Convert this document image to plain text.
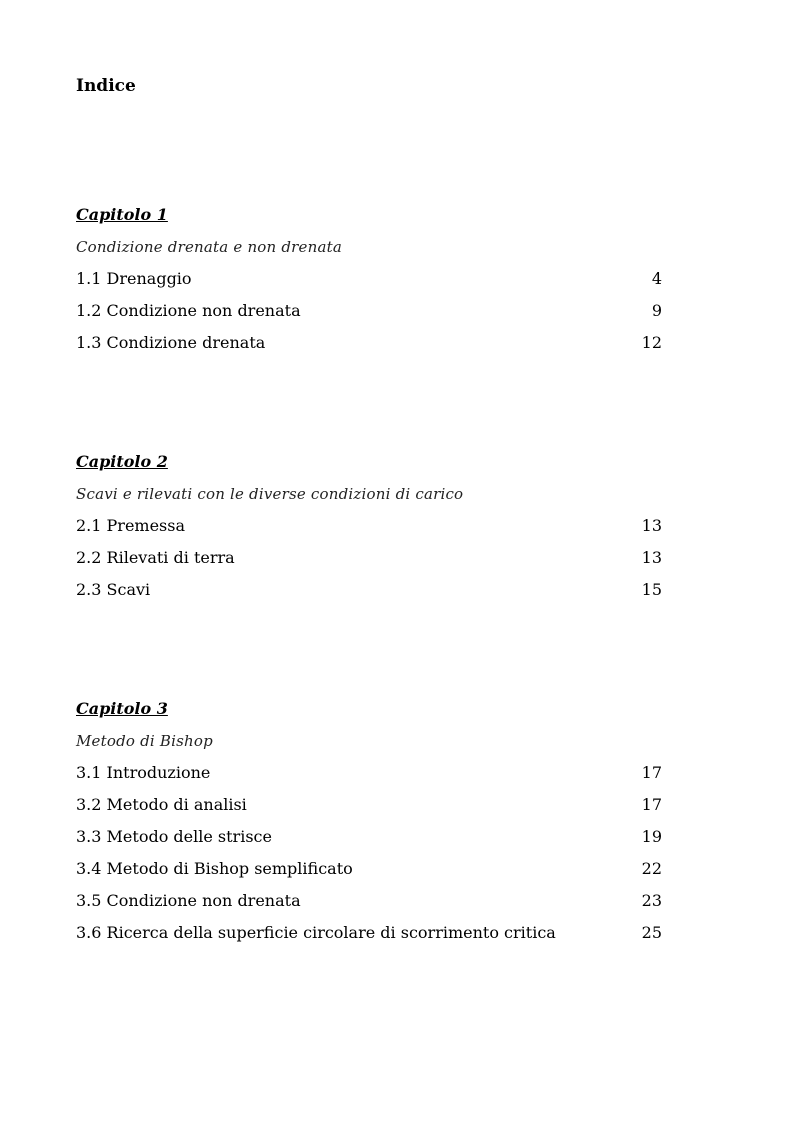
Indice
Capitolo 1
Condizione drenata e non drenata
1.1 Drenaggio	4
1.2 Condizione non drenata	9
1.3 Condizione drenata	12
Capitolo 2
Scavi e rilevati con le diverse condizioni di carico
2.1 Premessa	13
2.2 Rilevati di terra	13
2.3 Scavi	15
Capitolo 3
Metodo di Bishop
3.1 Introduzione	17
3.2 Metodo di analisi	17
3.3 Metodo delle strisce	19
3.4 Metodo di Bishop semplificato	22
3.5 Condizione non drenata	23
3.6 Ricerca della superficie circolare di scorrimento critica	25
